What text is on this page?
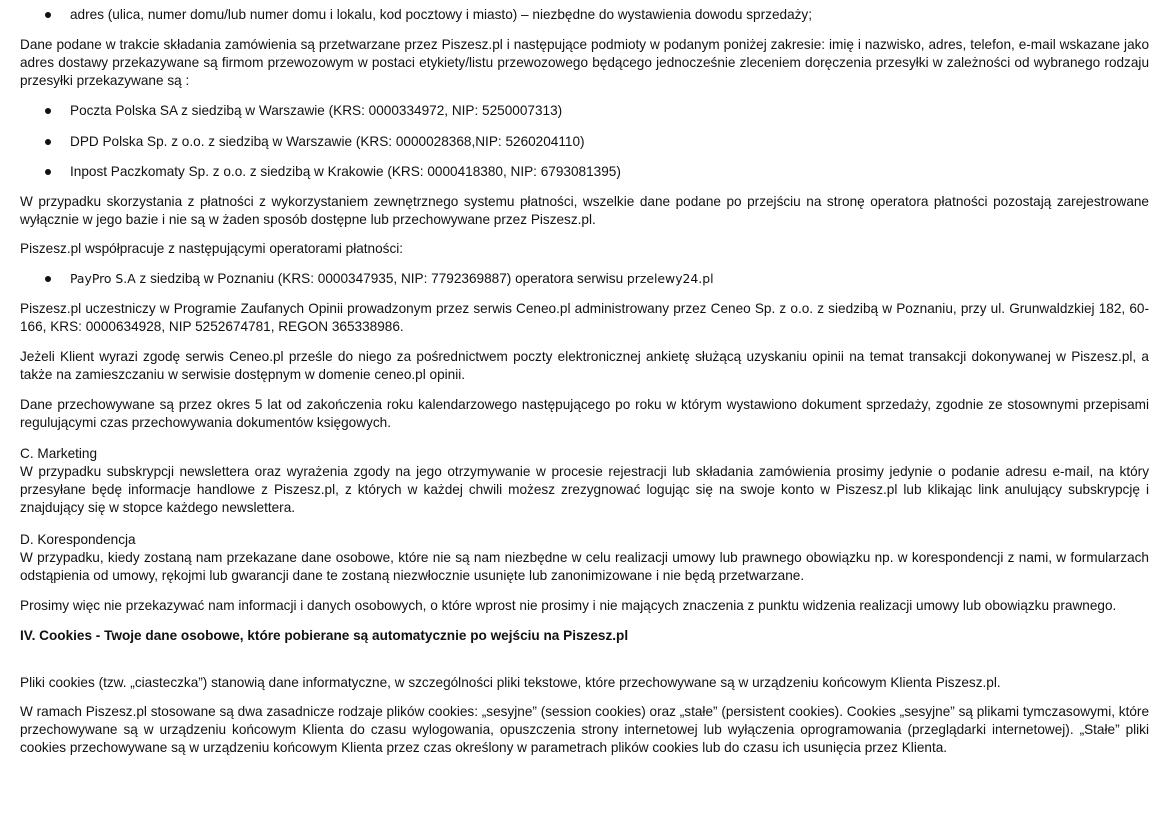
adres (ulica, numer domu/lub numer domu i lokalu, kod pocztowy i miasto) – niezbędne do wystawienia dowodu sprzedaży;

Dane podane w trakcie składania zamówienia są przetwarzane przez Piszesz.pl i następujące podmioty w podanym poniżej zakresie: imię i nazwisko, adres, telefon, e-mail wskazane jako adres dostawy przekazywane są firmom przewozowym w postaci etykiety/listu przewozowego będącego jednocześnie zleceniem doręczenia przesyłki w zależności od wybranego rodzaju przesyłki przekazywane są :

Poczta Polska SA z siedzibą w Warszawie (KRS: 0000334972, NIP: 5250007313)
DPD Polska Sp. z o.o. z siedzibą w Warszawie (KRS: 0000028368,NIP: 5260204110)
Inpost Paczkomaty Sp. z o.o. z siedzibą w Krakowie (KRS: 0000418380, NIP: 6793081395)

W przypadku skorzystania z płatności z wykorzystaniem zewnętrznego systemu płatności, wszelkie dane podane po przejściu na stronę operatora płatności pozostają zarejestrowane wyłącznie w jego bazie i nie są w żaden sposób dostępne lub przechowywane przez Piszesz.pl.

Piszesz.pl współpracuje z następującymi operatorami płatności:

PayPro S.A z siedzibą w Poznaniu (KRS: 0000347935, NIP: 7792369887) operatora serwisu przelewy24.pl

Piszesz.pl uczestniczy w Programie Zaufanych Opinii prowadzonym przez serwis Ceneo.pl administrowany przez Ceneo Sp. z o.o. z siedzibą w Poznaniu, przy ul. Grunwaldzkiej 182, 60-166, KRS: 0000634928, NIP 5252674781, REGON 365338986.

Jeżeli Klient wyrazi zgodę serwis Ceneo.pl prześle do niego za pośrednictwem poczty elektronicznej ankietę służącą uzyskaniu opinii na temat transakcji dokonywanej w Piszesz.pl, a także na zamieszczaniu w serwisie dostępnym w domenie ceneo.pl opinii.

Dane przechowywane są przez okres 5 lat od zakończenia roku kalendarzowego następującego po roku w którym wystawiono dokument sprzedaży, zgodnie ze stosownymi przepisami regulującymi czas przechowywania dokumentów księgowych.

C. Marketing

W przypadku subskrypcji newslettera oraz wyrażenia zgody na jego otrzymywanie w procesie rejestracji lub składania zamówienia prosimy jedynie o podanie adresu e-mail, na który przesyłane będę informacje handlowe z Piszesz.pl, z których w każdej chwili możesz zrezygnować logując się na swoje konto w Piszesz.pl lub klikając link anulujący subskrypcję i znajdujący się w stopce każdego newslettera.

D. Korespondencja

W przypadku, kiedy zostaną nam przekazane dane osobowe, które nie są nam niezbędne w celu realizacji umowy lub prawnego obowiązku np. w korespondencji z nami, w formularzach odstąpienia od umowy, rękojmi lub gwarancji dane te zostaną niezwłocznie usunięte lub zanonimizowane i nie będą przetwarzane.

Prosimy więc nie przekazywać nam informacji i danych osobowych, o które wprost nie prosimy i nie mających znaczenia z punktu widzenia realizacji umowy lub obowiązku prawnego.

IV. Cookies - Twoje dane osobowe, które pobierane są automatycznie po wejściu na Piszesz.pl

Pliki cookies (tzw. „ciasteczka”) stanowią dane informatyczne, w szczególności pliki tekstowe, które przechowywane są w urządzeniu końcowym Klienta Piszesz.pl.

W ramach Piszesz.pl stosowane są dwa zasadnicze rodzaje plików cookies: „sesyjne” (session cookies) oraz „stałe” (persistent cookies). Cookies „sesyjne” są plikami tymczasowymi, które przechowywane są w urządzeniu końcowym Klienta do czasu wylogowania, opuszczenia strony internetowej lub wyłączenia oprogramowania (przeglądarki internetowej). „Stałe” pliki cookies przechowywane są w urządzeniu końcowym Klienta przez czas określony w parametrach plików cookies lub do czasu ich usunięcia przez Klienta.
